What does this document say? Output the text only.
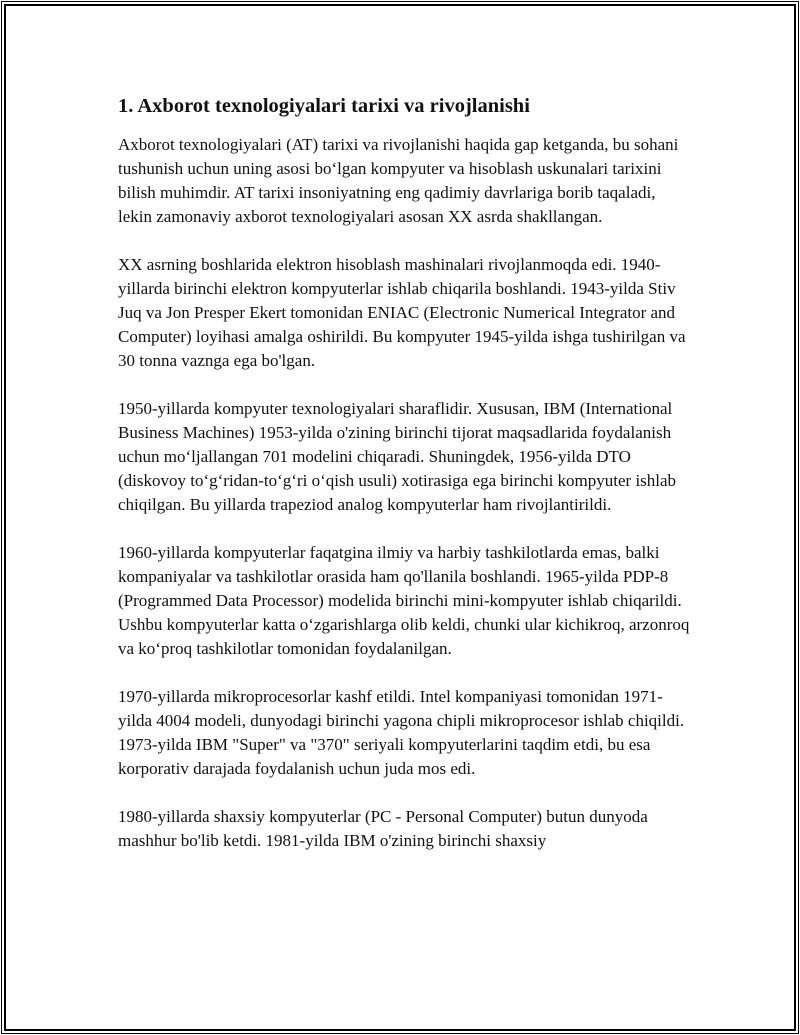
1. Axborot texnologiyalari tarixi va rivojlanishi

Axborot texnologiyalari (AT) tarixi va rivojlanishi haqida gap ketganda, bu sohani tushunish uchun uning asosi bo‘lgan kompyuter va hisoblash uskunalari tarixini bilish muhimdir. AT tarixi insoniyatning eng qadimiy davrlariga borib taqaladi, lekin zamonaviy axborot texnologiyalari asosan XX asrda shakllangan.

XX asrning boshlarida elektron hisoblash mashinalari rivojlanmoqda edi. 1940-yillarda birinchi elektron kompyuterlar ishlab chiqarila boshlandi. 1943-yilda Stiv Juq va Jon Presper Ekert tomonidan ENIAC (Electronic Numerical Integrator and Computer) loyihasi amalga oshirildi. Bu kompyuter 1945-yilda ishga tushirilgan va 30 tonna vaznga ega bo'lgan.

1950-yillarda kompyuter texnologiyalari sharaflidir. Xususan, IBM (International Business Machines) 1953-yilda o'zining birinchi tijorat maqsadlarida foydalanish uchun mo‘ljallangan 701 modelini chiqaradi. Shuningdek, 1956-yilda DTO (diskovoy to‘g‘ridan-to‘g‘ri o‘qish usuli) xotirasiga ega birinchi kompyuter ishlab chiqilgan. Bu yillarda trapeziod analog kompyuterlar ham rivojlantirildi.

1960-yillarda kompyuterlar faqatgina ilmiy va harbiy tashkilotlarda emas, balki kompaniyalar va tashkilotlar orasida ham qo'llanila boshlandi. 1965-yilda PDP-8 (Programmed Data Processor) modelida birinchi mini-kompyuter ishlab chiqarildi. Ushbu kompyuterlar katta o‘zgarishlarga olib keldi, chunki ular kichikroq, arzonroq va ko‘proq tashkilotlar tomonidan foydalanilgan.

1970-yillarda mikroprocesorlar kashf etildi. Intel kompaniyasi tomonidan 1971-yilda 4004 modeli, dunyodagi birinchi yagona chipli mikroprocesor ishlab chiqildi. 1973-yilda IBM "Super" va "370" seriyali kompyuterlarini taqdim etdi, bu esa korporativ darajada foydalanish uchun juda mos edi.

1980-yillarda shaxsiy kompyuterlar (PC - Personal Computer) butun dunyoda mashhur bo'lib ketdi. 1981-yilda IBM o'zining birinchi shaxsiy
